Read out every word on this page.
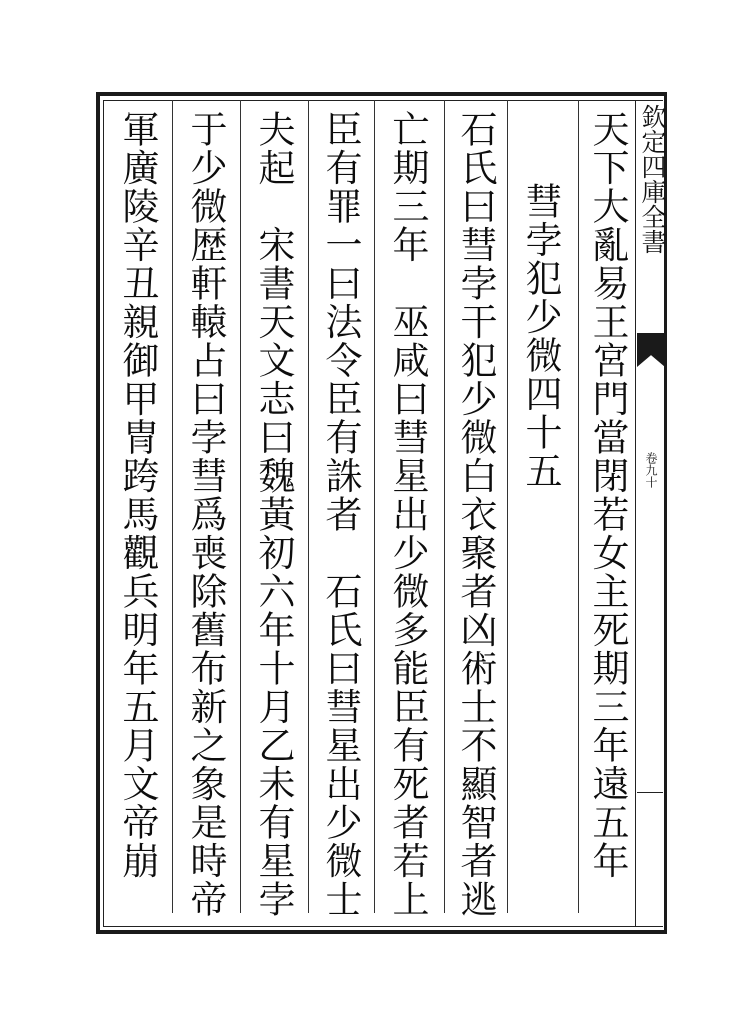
欽定四庫全書
卷九十
天下大亂易王宮門當閉若女主死期三年遠五年
彗孛犯少微四十五
石氏曰彗孛干犯少微白衣聚者凶術士不顯智者逃
亡期三年　巫咸曰彗星出少微多能臣有死者若上
臣有罪一曰法令臣有誅者　石氏曰彗星出少微士
夫起　宋書天文志曰魏黃初六年十月乙未有星孛
于少微歴軒轅占曰孛彗爲喪除舊布新之象是時帝
軍廣陵辛丑親御甲冑跨馬觀兵明年五月文帝崩
